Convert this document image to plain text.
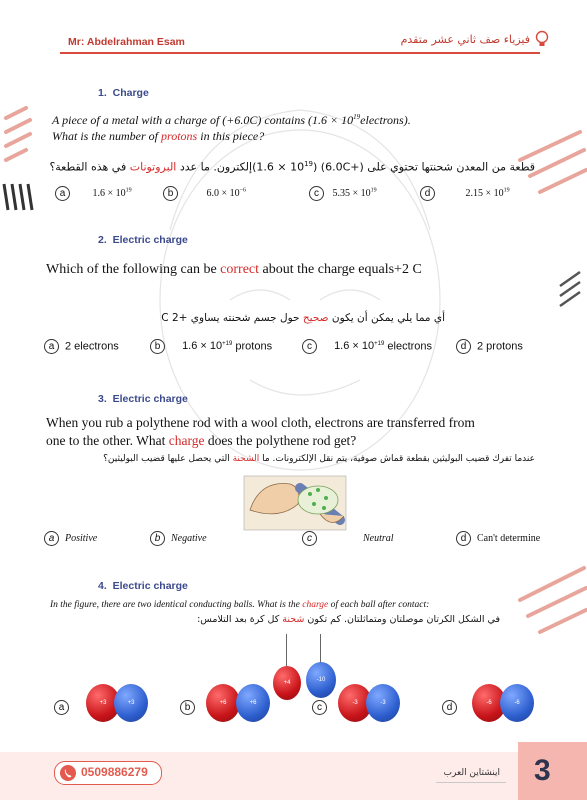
Mr: Abdelrahman Esam	فيزياء صف ثاني عشر متقدم
1. Charge
A piece of a metal with a charge of (+6.0C) contains $(1.6 \times 10^{19}electrons)$.
What is the number of protons in this piece?
قطعة من المعدن شحنتها تحتوي على (+6.0C) $(1.6 \times 10^{19})إلكترون$. ما عدد البروتونات في هذه القطعة؟
a	$1.6 \times 10^{19}$	b	$6.0 \times 10^{-6}$	c $5.35 \times 10^{19}$	d	$2.15 \times 10^{19}$
2. Electric charge
Which of the following can be correct about the charge equals+2 C
أي مما يلي يمكن أن يكون صحيح حول جسم شحنته يساوي +2 C
a 2 electrons	b $1.6 \times 10^{+19}$ protons	c $1.6 \times 10^{+19}$ electrons	d 2 protons
3. Electric charge
When you rub a polythene rod with a wool cloth, electrons are transferred from
one to the other. What charge does the polythene rod get?
عندما تفرك قضيب البوليثين بقطعة قماش صوفية، يتم نقل الإلكترونات. ما الشحنة التي يحصل عليها قضيب البوليثين؟
a Positive	b Negative	c	Neutral	d Can't determine
4. Electric charge
In the figure, there are two identical conducting balls. What is the charge of each ball after contact:
في الشكل الكرتان موصلتان ومتماثلتان. كم تكون شحنة كل كرة بعد التلامس:
+4	-10
a	+3	+3	b	+6	+6	c	-3	-3	d	-6	-6
0509886279	اينشتاين العرب 3
